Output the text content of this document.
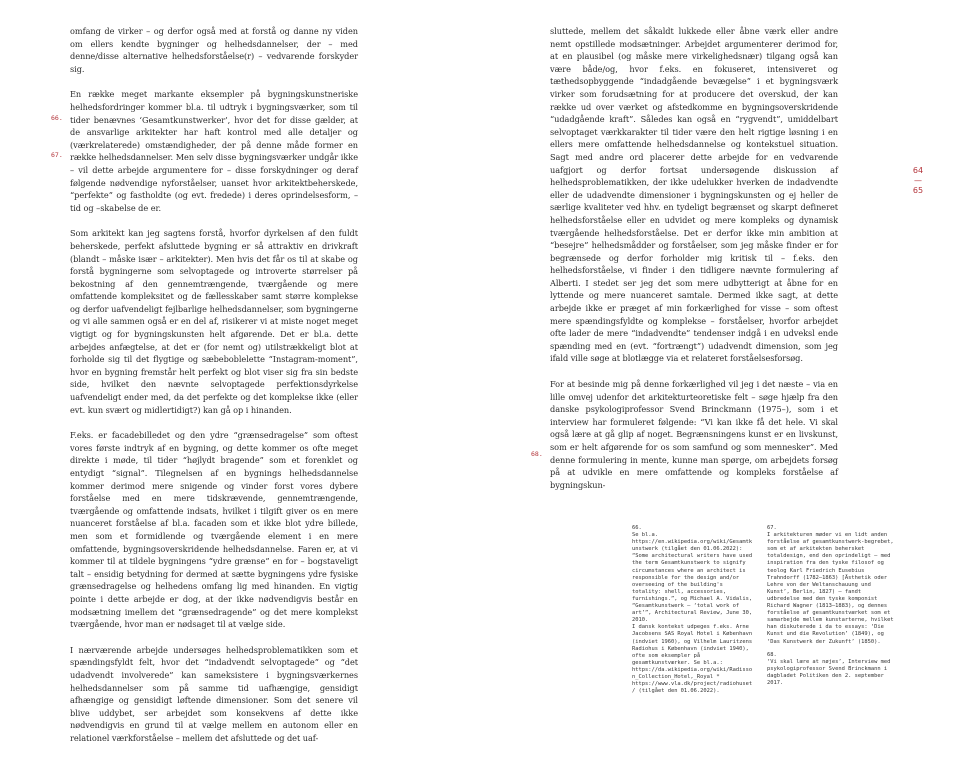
omfang de virker – og derfor også med at forstå og danne ny viden om ellers kendte bygninger og helhedsdannelser, der – med denne/disse alternative helhedsforståelse(r) – vedvarende forskyder sig.

En række meget markante eksempler på bygningskunstneriske helhedsfordringer kommer bl.a. til udtryk i bygningsværker, som til tider benævnes ‘Gesamtkunstwerker’, hvor det for disse gælder, at de ansvarlige arkitekter har haft kontrol med alle detaljer og (værkrelaterede) omstændigheder, der på denne måde former en række helhedsdannelser. Men selv disse bygningsværker undgår ikke – vil dette arbejde argumentere for – disse forskydninger og deraf følgende nødvendige nyforståelser, uanset hvor arkitektbeherskede, “perfekte” og fastholdte (og evt. fredede) i deres oprindelsesform, –tid og –skabelse de er.

Som arkitekt kan jeg sagtens forstå, hvorfor dyrkelsen af den fuldt beherskede, perfekt afsluttede bygning er så attraktiv en drivkraft (blandt – måske især – arkitekter). Men hvis det får os til at skabe og forstå bygningerne som selvoptagede og introverte størrelser på bekostning af den gennemtrængende, tværgående og mere omfattende kompleksitet og de fællesskaber samt større komplekse og derfor uafvendeligt fejlbarlige helhedsdannelser, som bygningerne og vi alle sammen også er en del af, risikerer vi at miste noget meget vigtigt og for bygningskunsten helt afgørende. Det er bl.a. dette arbejdes anfægtelse, at det er (for nemt og) utilstrækkeligt blot at forholde sig til det flygtige og sæbeboblelette “Instagram-moment”, hvor en bygning fremstår helt perfekt og blot viser sig fra sin bedste side, hvilket den nævnte selvoptagede perfektionsdyrkelse uafvendeligt ender med, da det perfekte og det komplekse ikke (eller evt. kun svært og midlertidigt?) kan gå op i hinanden.

F.eks. er facadebilledet og den ydre “grænsedragelse” som oftest vores første indtryk af en bygning, og dette kommer os ofte meget direkte i møde, til tider “højlydt bragende” som et forenklet og entydigt “signal”. Tilegnelsen af en bygnings helhedsdannelse kommer derimod mere snigende og vinder forst vores dybere forståelse med en mere tidskrævende, gennemtrængende, tværgående og omfattende indsats, hvilket i tilgift giver os en mere nuanceret forståelse af bl.a. facaden som et ikke blot ydre billede, men som et formidlende og tværgående element i en mere omfattende, bygningsoverskridende helhedsdannelse. Faren er, at vi kommer til at tildele bygningens “ydre grænse” en for – bogstaveligt talt – ensidig betydning for dermed at sætte bygningens ydre fysiske grænsedragelse og helhedens omfang lig med hinanden. En vigtig pointe i dette arbejde er dog, at der ikke nødvendigvis består en modsætning imellem det “grænsedragende” og det mere komplekst tværgående, hvor man er nødsaget til at vælge side.

I nærværende arbejde undersøges helhedsproblematikken som et spændingsfyldt felt, hvor det “indadvendt selvoptagede” og “det udadvendt involverede” kan sameksistere i bygningsværkernes helhedsdannelser som på samme tid uafhængige, gensidigt afhængige og gensidigt løftende dimensioner. Som det senere vil blive uddybet, ser arbejdet som konsekvens af dette ikke nødvendigvis en grund til at vælge mellem en autonom eller en relationel værkforståelse – mellem det afsluttede og det uaf-

sluttede, mellem det såkaldt lukkede eller åbne værk eller andre nemt opstillede modsætninger. Arbejdet argumenterer derimod for, at en plausibel (og måske mere virkelighedsnær) tilgang også kan være både/og, hvor f.eks. en fokuseret, intensiveret og tæthedsopbyggende “indadgående bevægelse” i et bygningsværk virker som forudsætning for at producere det overskud, der kan række ud over værket og afstedkomme en bygningsoverskridende “udadgående kraft”. Således kan også en “rygvendt”, umiddelbart selvoptaget værkkarakter til tider være den helt rigtige løsning i en ellers mere omfattende helhedsdannelse og kontekstuel situation. Sagt med andre ord placerer dette arbejde for en vedvarende uafgjort og derfor fortsat undersøgende diskussion af helhedsproblematikken, der ikke udelukker hverken de indadvendte eller de udadvendte dimensioner i bygningskunsten og ej heller de særlige kvaliteter ved hhv. en tydeligt begrænset og skarpt defineret helhedsforståelse eller en udvidet og mere kompleks og dynamisk tværgående helhedsforståelse. Det er derfor ikke min ambition at “besejre” helhedsmådder og forståelser, som jeg måske finder er for begrænsede og derfor forholder mig kritisk til – f.eks. den helhedsforståelse, vi finder i den tidligere nævnte formulering af Alberti. I stedet ser jeg det som mere udbytterigt at åbne for en lyttende og mere nuanceret samtale. Dermed ikke sagt, at dette arbejde ikke er præget af min forkærlighed for visse – som oftest mere spændingsfyldte og komplekse – forståelser, hvorfor arbejdet ofte lader de mere “indadvendte” tendenser indgå i en udveksl ende spænding med en (evt. “fortrængt”) udadvendt dimension, som jeg ifald ville søge at blotlægge via et relateret forståelsesforsøg.

For at besinde mig på denne forkærlighed vil jeg i det næste – via en lille omvej udenfor det arkitekturteoretiske felt – søge hjælp fra den danske psykologiprofessor Svend Brinckmann (1975–), som i et interview har formuleret følgende: “Vi kan ikke få det hele. Vi skal også lære at gå glip af noget. Begrænsningens kunst er en livskunst, som er helt afgørende for os som samfund og som mennesker”. Med denne formulering in mente, kunne man spørge, om arbejdets forsøg på at udvikle en mere omfattende og kompleks forståelse af bygningskun-

66.
67.
68.
64
—
65
66.
Se bl.a. https://en.wikipedia.org/wiki/Gesamtkunstwerk (tilgået den 01.06.2022): “Some architectural writers have used the term Gesamtkunstwerk to signify circumstances where an architect is responsible for the design and/or overseeing of the building's totality: shell, accessories, furnishings.”, og Michael A. Vidalis, “Gesamtkunstwerk – ‘total work of art’”, Architectural Review, June 30, 2010.
I dansk kontekst udpeges f.eks. Arne Jacobsens SAS Royal Hotel i København (indviet 1960), og Vilhelm Lauritzens Radiohus i København (indviet 1940), ofte som eksempler på gesamtkunstværker. Se bl.a.: https://da.wikipedia.org/wiki/Radisson_Collection_Hotel,_Royal * https://www.vla.dk/project/radiohuset/ (tilgået den 01.06.2022).
67.
I arkitekturen møder vi en lidt anden forståelse af gesamtkunstwerk-begrebet, som et af arkitekten behersket totaldesign, end den oprindeligt – med inspiration fra den tyske filosof og teolog Karl Friedrich Eusebius Trahndorff (1782–1863) [Ästhetik oder Lehre von der Weltanschauung und Kunst’, Berlin, 1827) – fandt udbredelse med den tyske komponist Richard Wagner (1813–1883), og dennes forståelse af gesamtkunstværket som et samarbejde mellem kunstarterne, hvilket han diskuterede i da to essays: ‘Die Kunst und die Revolution’ (1849), og ‘Das Kunstwerk der Zukunft’ (1850).
68.
‘Vi skal lære at nøjes’, Interview med psykologiprofessor Svend Brinckmann i dagbladet Politiken den 2. september 2017.
